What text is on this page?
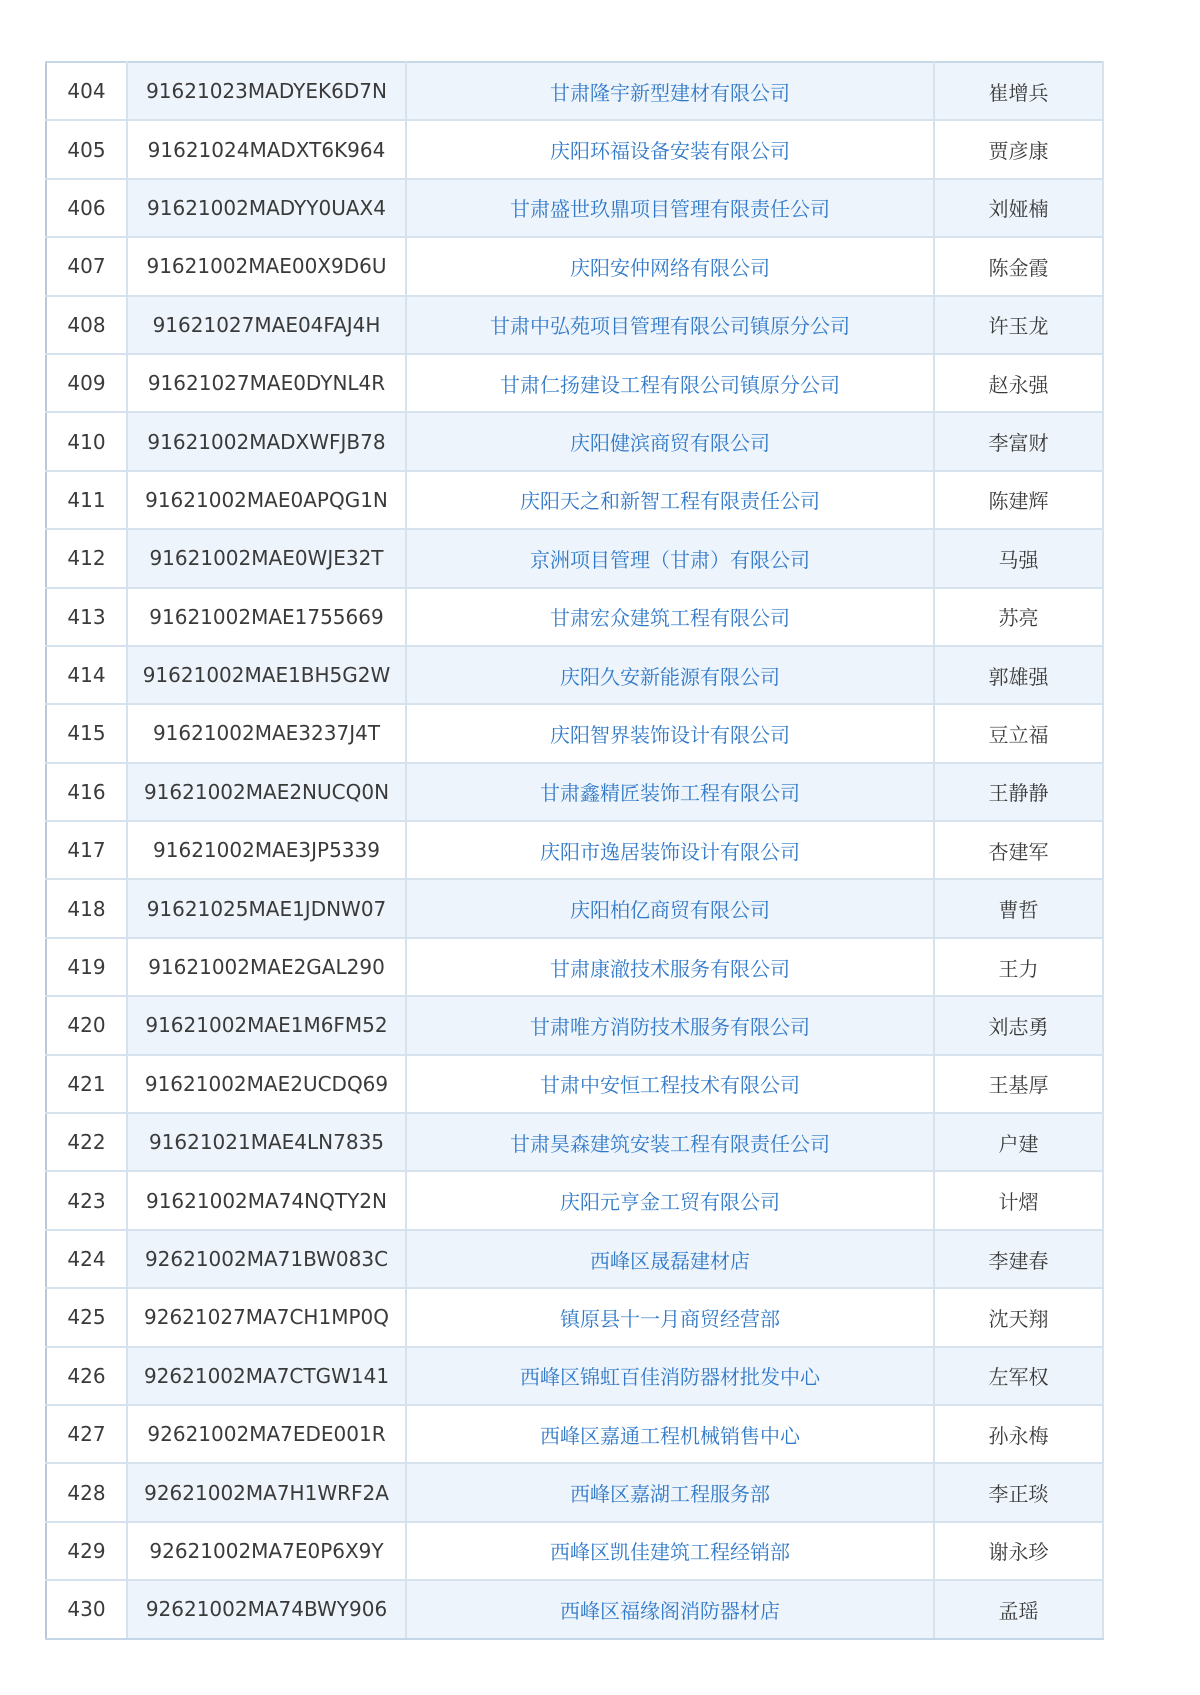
404	91621023MADYEK6D7N	甘肃隆宇新型建材有限公司	崔增兵
405	91621024MADXT6K964	庆阳环福设备安装有限公司	贾彦康
406	91621002MADYY0UAX4	甘肃盛世玖鼎项目管理有限责任公司	刘娅楠
407	91621002MAE00X9D6U	庆阳安仲网络有限公司	陈金霞
408	91621027MAE04FAJ4H	甘肃中弘苑项目管理有限公司镇原分公司	许玉龙
409	91621027MAE0DYNL4R	甘肃仁扬建设工程有限公司镇原分公司	赵永强
410	91621002MADXWFJB78	庆阳健滨商贸有限公司	李富财
411	91621002MAE0APQG1N	庆阳天之和新智工程有限责任公司	陈建辉
412	91621002MAE0WJE32T	京洲项目管理（甘肃）有限公司	马强
413	91621002MAE1755669	甘肃宏众建筑工程有限公司	苏亮
414	91621002MAE1BH5G2W	庆阳久安新能源有限公司	郭雄强
415	91621002MAE3237J4T	庆阳智界装饰设计有限公司	豆立福
416	91621002MAE2NUCQ0N	甘肃鑫精匠装饰工程有限公司	王静静
417	91621002MAE3JP5339	庆阳市逸居装饰设计有限公司	杏建军
418	91621025MAE1JDNW07	庆阳柏亿商贸有限公司	曹哲
419	91621002MAE2GAL290	甘肃康澈技术服务有限公司	王力
420	91621002MAE1M6FM52	甘肃唯方消防技术服务有限公司	刘志勇
421	91621002MAE2UCDQ69	甘肃中安恒工程技术有限公司	王基厚
422	91621021MAE4LN7835	甘肃昊森建筑安装工程有限责任公司	户建
423	91621002MA74NQTY2N	庆阳元亨金工贸有限公司	计熠
424	92621002MA71BW083C	西峰区晟磊建材店	李建春
425	92621027MA7CH1MP0Q	镇原县十一月商贸经营部	沈天翔
426	92621002MA7CTGW141	西峰区锦虹百佳消防器材批发中心	左军权
427	92621002MA7EDE001R	西峰区嘉通工程机械销售中心	孙永梅
428	92621002MA7H1WRF2A	西峰区嘉湖工程服务部	李正琰
429	92621002MA7E0P6X9Y	西峰区凯佳建筑工程经销部	谢永珍
430	92621002MA74BWY906	西峰区福缘阁消防器材店	孟瑶
